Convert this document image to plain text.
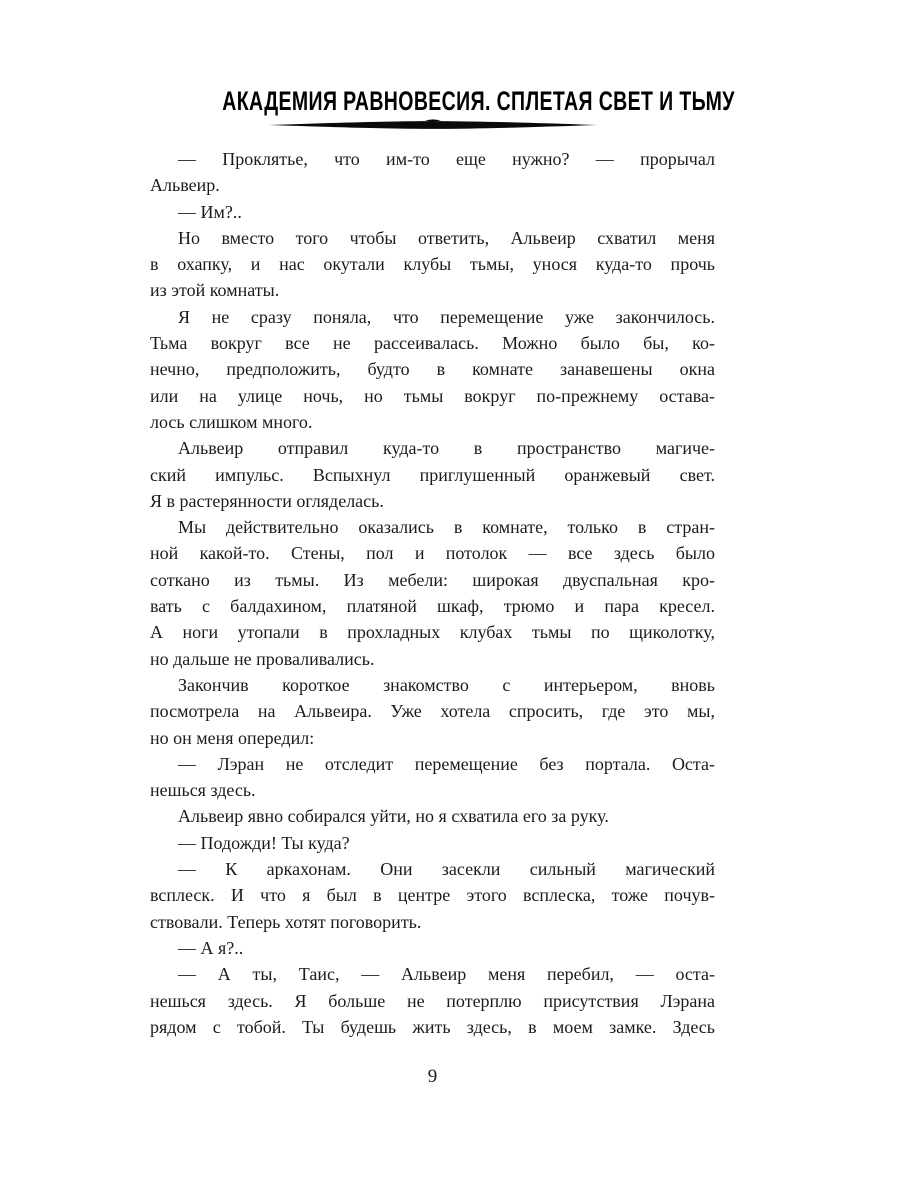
АКАДЕМИЯ РАВНОВЕСИЯ. СПЛЕТАЯ СВЕТ И ТЬМУ
— Проклятье, что им-то еще нужно? — прорычал
Альвеир.
— Им?..
Но вместо того чтобы ответить, Альвеир схватил меня
в охапку, и нас окутали клубы тьмы, унося куда-то прочь
из этой комнаты.
Я не сразу поняла, что перемещение уже закончилось.
Тьма вокруг все не рассеивалась. Можно было бы, ко-
нечно, предположить, будто в комнате занавешены окна
или на улице ночь, но тьмы вокруг по-прежнему остава-
лось слишком много.
Альвеир отправил куда-то в пространство магиче-
ский импульс. Вспыхнул приглушенный оранжевый свет.
Я в растерянности огляделась.
Мы действительно оказались в комнате, только в стран-
ной какой-то. Стены, пол и потолок — все здесь было
соткано из тьмы. Из мебели: широкая двуспальная кро-
вать с балдахином, платяной шкаф, трюмо и пара кресел.
А ноги утопали в прохладных клубах тьмы по щиколотку,
но дальше не проваливались.
Закончив короткое знакомство с интерьером, вновь
посмотрела на Альвеира. Уже хотела спросить, где это мы,
но он меня опередил:
— Лэран не отследит перемещение без портала. Оста-
нешься здесь.
Альвеир явно собирался уйти, но я схватила его за руку.
— Подожди! Ты куда?
— К аркахонам. Они засекли сильный магический
всплеск. И что я был в центре этого всплеска, тоже почув-
ствовали. Теперь хотят поговорить.
— А я?..
— А ты, Таис, — Альвеир меня перебил, — оста-
нешься здесь. Я больше не потерплю присутствия Лэрана
рядом с тобой. Ты будешь жить здесь, в моем замке. Здесь
9
